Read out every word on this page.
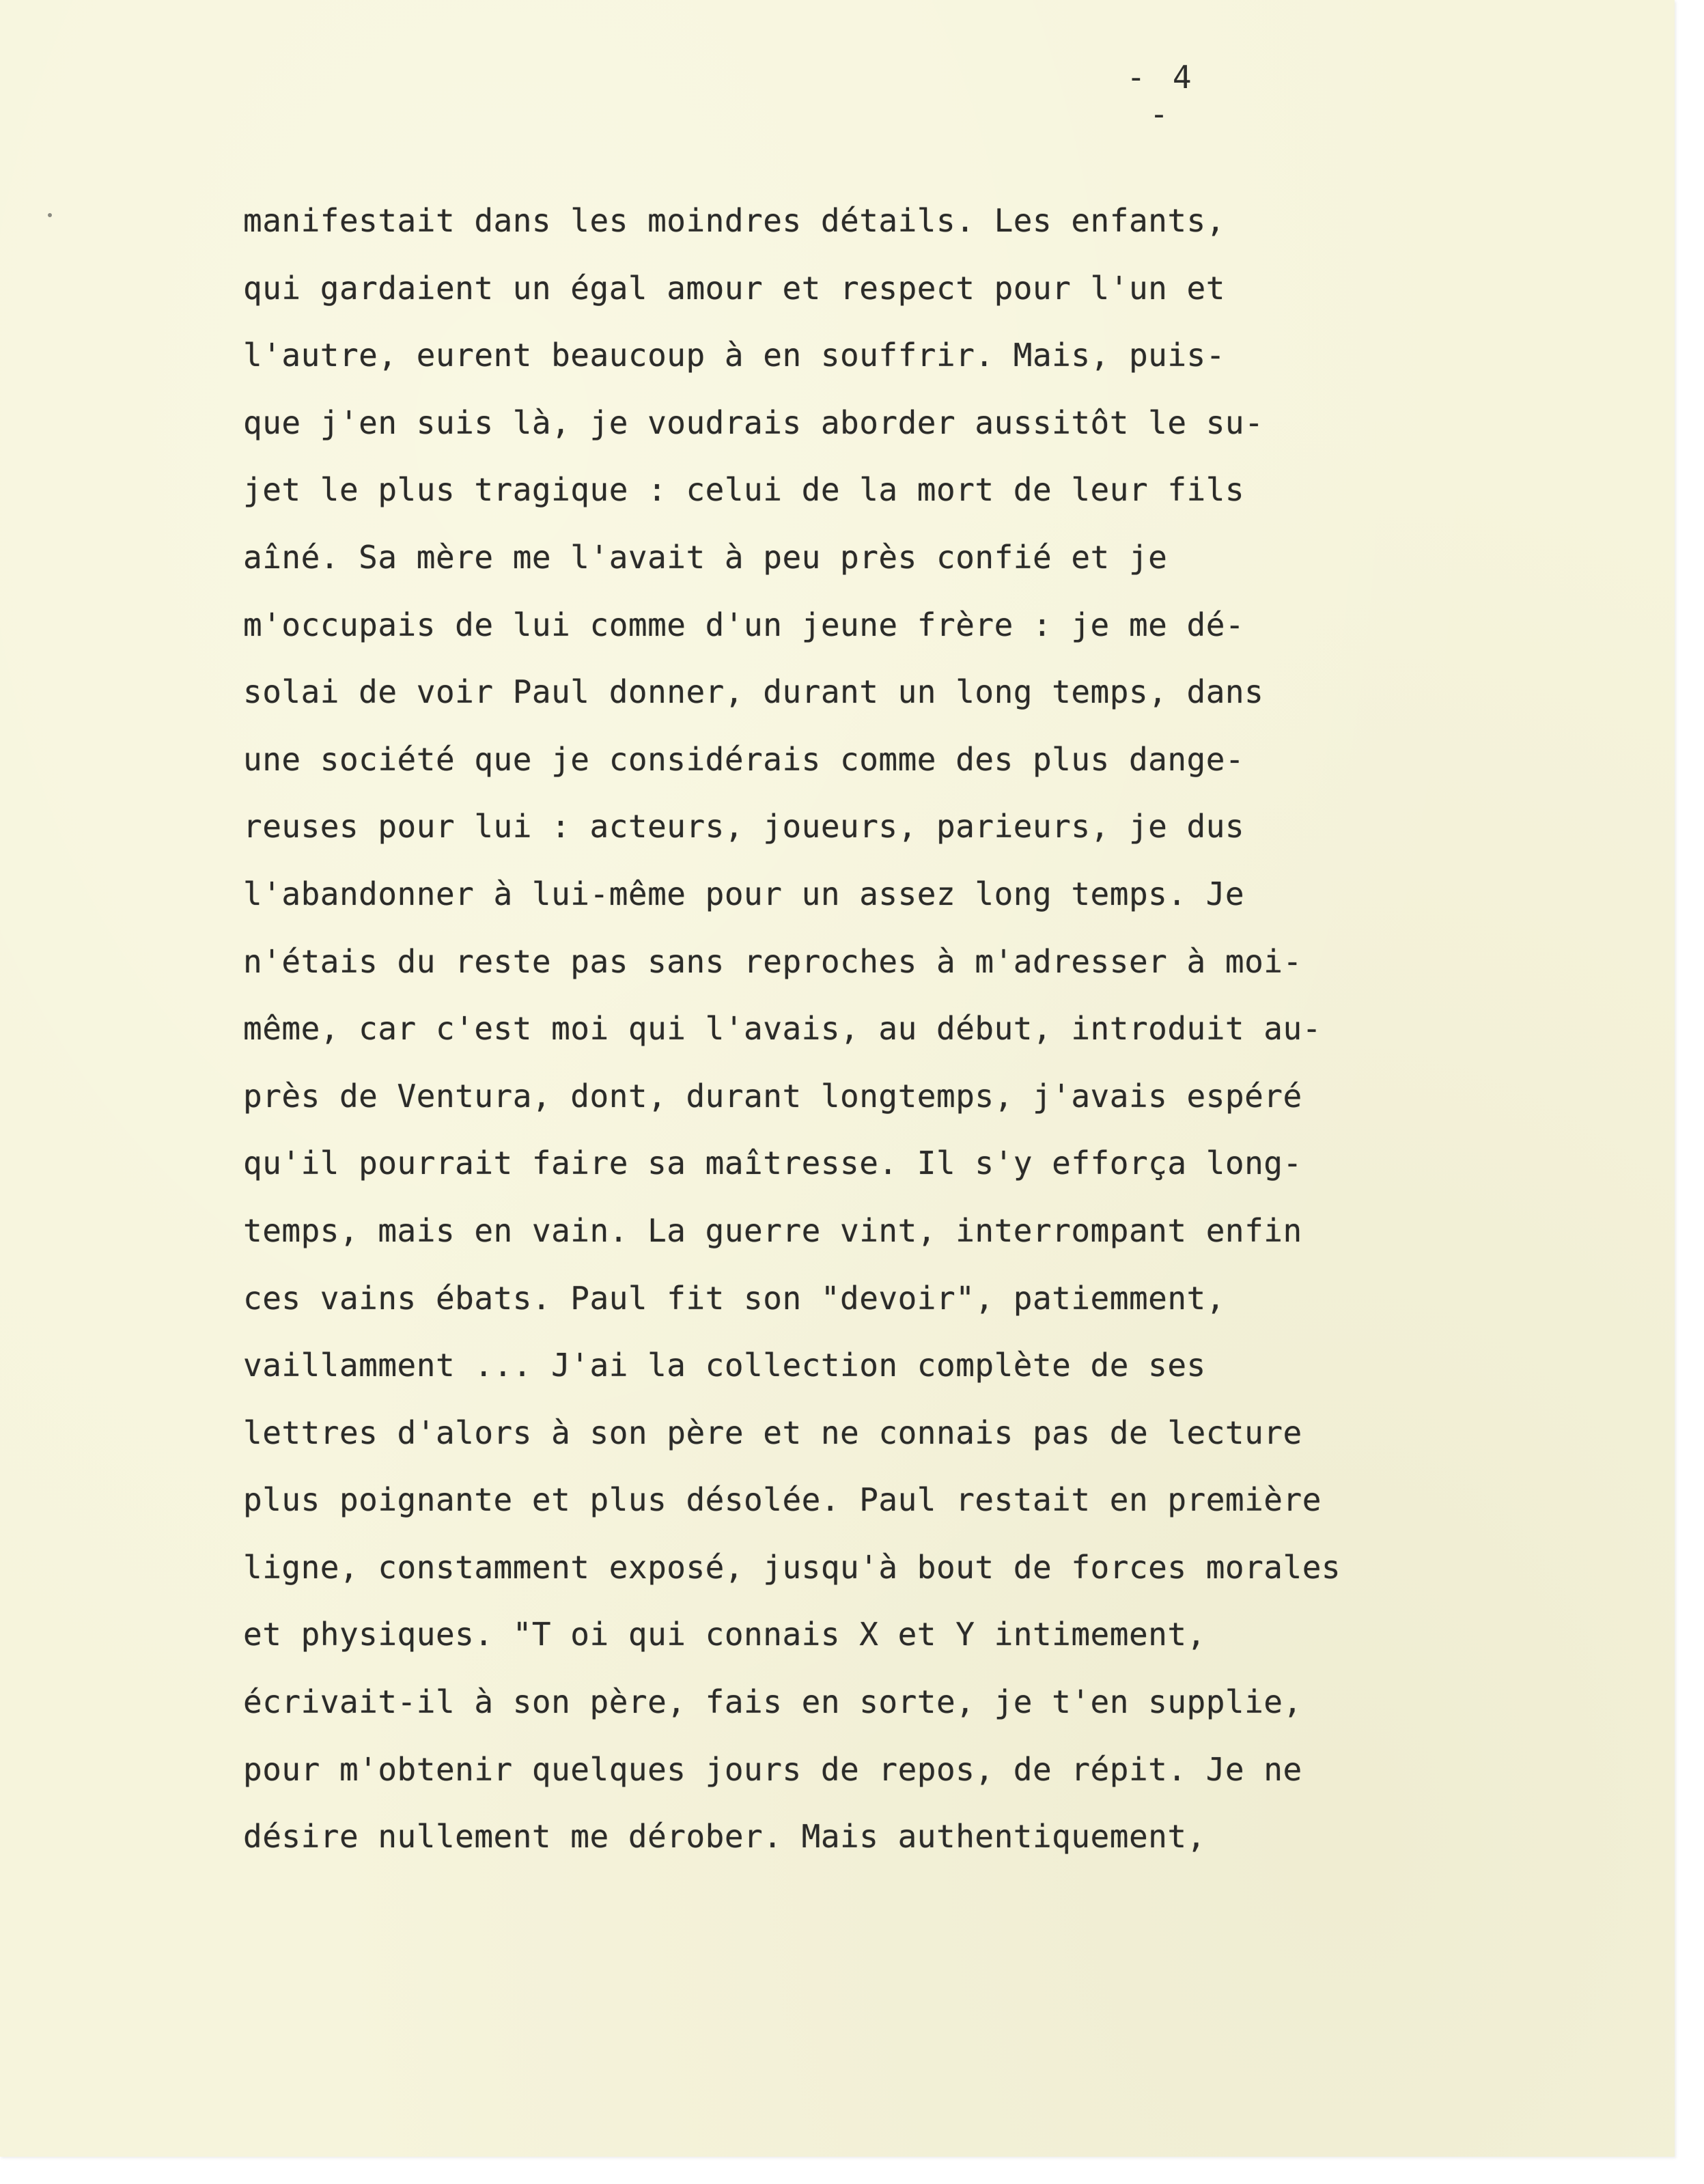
- 4 -
manifestait dans les moindres détails. Les enfants,
qui gardaient un égal amour et respect pour l'un et
l'autre, eurent beaucoup à en souffrir. Mais, puis-
que j'en suis là, je voudrais aborder aussitôt le su-
jet le plus tragique : celui de la mort de leur fils
aîné. Sa mère me l'avait à peu près confié et je
m'occupais de lui comme d'un jeune frère : je me dé-
solai de voir Paul donner, durant un long temps, dans
une société que je considérais comme des plus dange-
reuses pour lui : acteurs, joueurs, parieurs, je dus
l'abandonner à lui-même pour un assez long temps. Je
n'étais du reste pas sans reproches à m'adresser à moi-
même, car c'est moi qui l'avais, au début, introduit au-
près de Ventura, dont, durant longtemps, j'avais espéré
qu'il pourrait faire sa maîtresse. Il s'y efforça long-
temps, mais en vain. La guerre vint, interrompant enfin
ces vains ébats. Paul fit son "devoir", patiemment,
vaillamment ... J'ai la collection complète de ses
lettres d'alors à son père et ne connais pas de lecture
plus poignante et plus désolée. Paul restait en première
ligne, constamment exposé, jusqu'à bout de forces morales
et physiques. "T oi qui connais X et Y intimement,
écrivait-il à son père, fais en sorte, je t'en supplie,
pour m'obtenir quelques jours de repos, de répit. Je ne
désire nullement me dérober. Mais authentiquement,
